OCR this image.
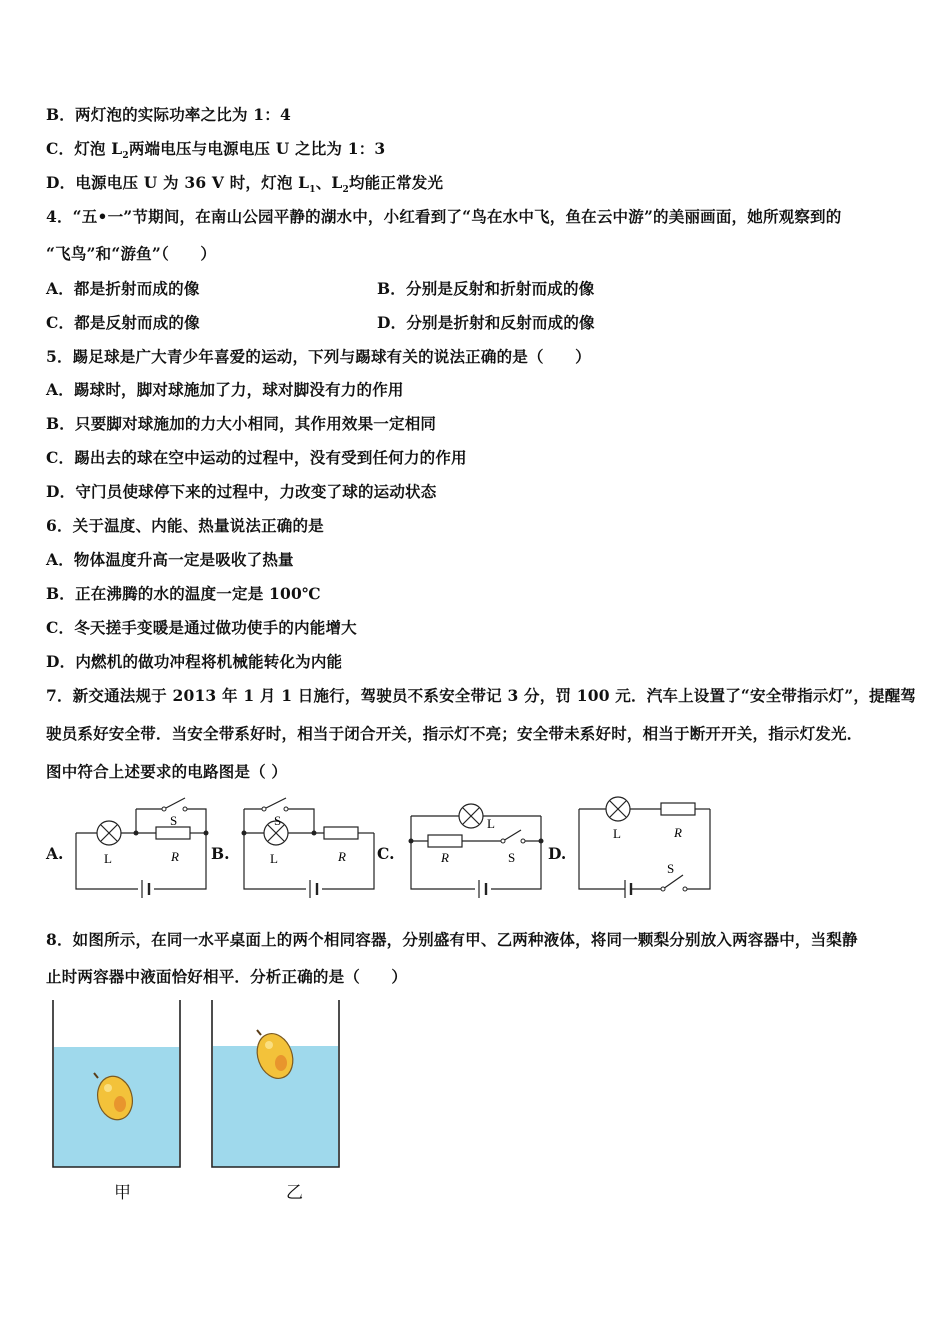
B．两灯泡的实际功率之比为 1：4
C．灯泡 $L_2$两端电压与电源电压 U 之比为 1：3
D．电源电压 U 为 36 V 时，灯泡 $L_1$、$L_2$均能正常发光
4．“五•一”节期间，在南山公园平静的湖水中，小红看到了“鸟在水中飞，鱼在云中游”的美丽画面，她所观察到的
“飞鸟”和“游鱼”（　　）
A．都是折射而成的像	B．分别是反射和折射而成的像
C．都是反射而成的像	D．分别是折射和反射而成的像
5．踢足球是广大青少年喜爱的运动，下列与踢球有关的说法正确的是（　　）
A．踢球时，脚对球施加了力，球对脚没有力的作用
B．只要脚对球施加的力大小相同，其作用效果一定相同
C．踢出去的球在空中运动的过程中，没有受到任何力的作用
D．守门员使球停下来的过程中，力改变了球的运动状态
6．关于温度、内能、热量说法正确的是
A．物体温度升高一定是吸收了热量
B．正在沸腾的水的温度一定是 100℃
C．冬天搓手变暖是通过做功使手的内能增大
D．内燃机的做功冲程将机械能转化为内能
7．新交通法规于 2013 年 1 月 1 日施行，驾驶员不系安全带记 3 分，罚 100 元．汽车上设置了“安全带指示灯”，提醒驾
驶员系好安全带．当安全带系好时，相当于闭合开关，指示灯不亮；安全带未系好时，相当于断开开关，指示灯发光．
图中符合上述要求的电路图是（ ）
A.	B.	C.	D.
S
L	R
S
L	R
L
R	S
L	R
S
8．如图所示，在同一水平桌面上的两个相同容器，分别盛有甲、乙两种液体，将同一颗梨分别放入两容器中，当梨静
止时两容器中液面恰好相平．分析正确的是（　　）
甲	乙
